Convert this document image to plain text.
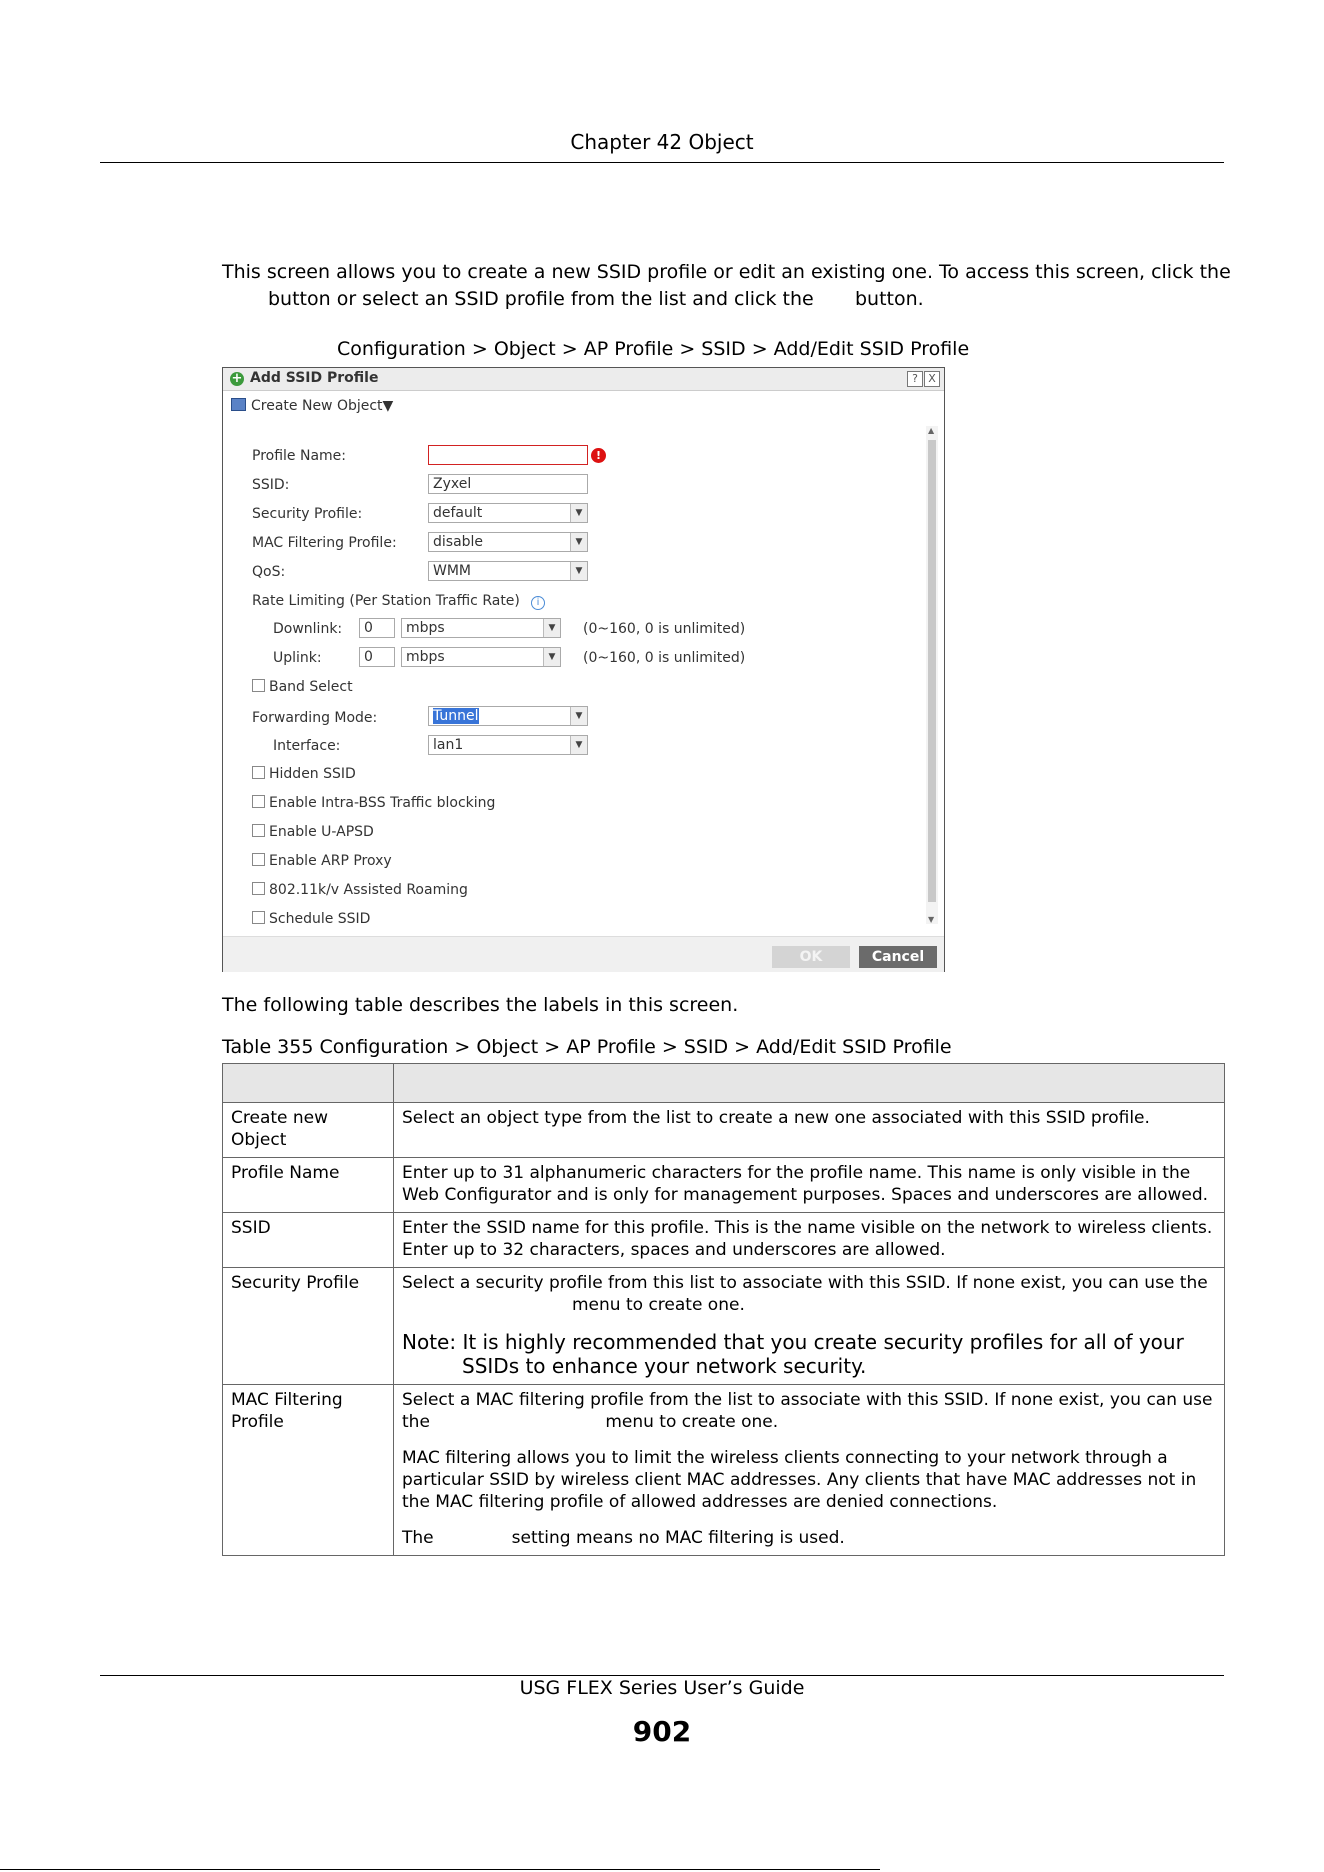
Chapter 42 Object
This screen allows you to create a new SSID profile or edit an existing one. To access this screen, click the
button or select an SSID profile from the list and click the button.
Configuration > Object > AP Profile > SSID > Add/Edit SSID Profile
+ Add SSID Profile	? X
Create New Object▼
▲
▼
Profile Name:	!
SSID:	Zyxel
Security Profile:	default	▼
MAC Filtering Profile:	disable	▼
QoS:	WMM	▼
Rate Limiting (Per Station Traffic Rate)	i
Downlink:	0	mbps	▼	(0~160, 0 is unlimited)
Uplink:	0	mbps	▼	(0~160, 0 is unlimited)
Band Select
Forwarding Mode:	Tunnel	▼
Interface:	lan1	▼
Hidden SSID
Enable Intra-BSS Traffic blocking
Enable U-APSD
Enable ARP Proxy
802.11k/v Assisted Roaming
Schedule SSID
OK	Cancel
The following table describes the labels in this screen.
Table 355 Configuration > Object > AP Profile > SSID > Add/Edit SSID Profile

Create new Object	Select an object type from the list to create a new one associated with this SSID profile.
Profile Name	Enter up to 31 alphanumeric characters for the profile name. This name is only visible in the Web Configurator and is only for management purposes. Spaces and underscores are allowed.
SSID	Enter the SSID name for this profile. This is the name visible on the network to wireless clients. Enter up to 32 characters, spaces and underscores are allowed.
Security Profile	Select a security profile from this list to associate with this SSID. If none exist, you can use the
menu to create one.

Note: It is highly recommended that you create security profiles for all of your SSIDs to enhance your network security.

MAC Filtering Profile	Select a MAC filtering profile from the list to associate with this SSID. If none exist, you can use the menu to create one.

MAC filtering allows you to limit the wireless clients connecting to your network through a particular SSID by wireless client MAC addresses. Any clients that have MAC addresses not in the MAC filtering profile of allowed addresses are denied connections.

The setting means no MAC filtering is used.

USG FLEX Series User’s Guide
902
